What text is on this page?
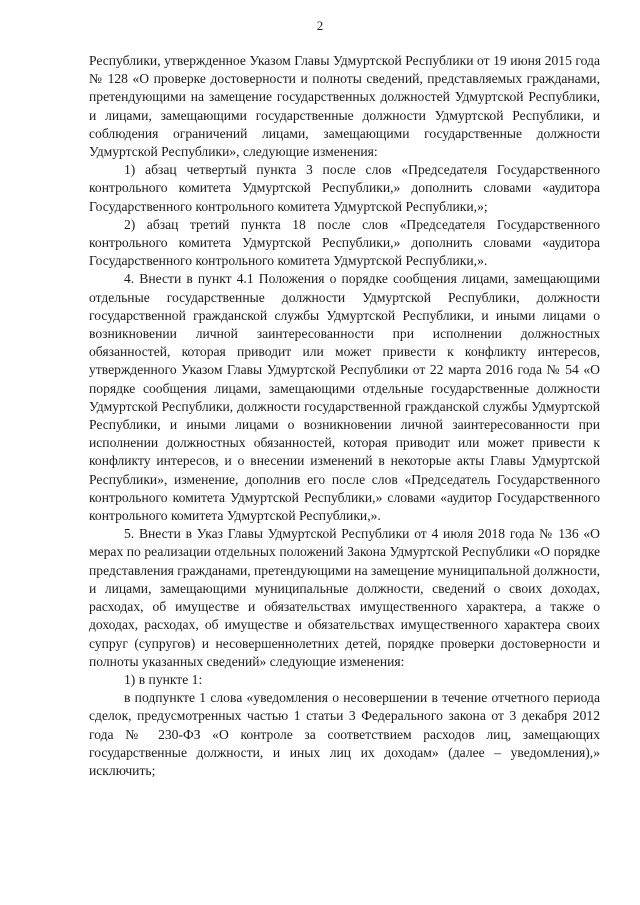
2

Республики, утвержденное Указом Главы Удмуртской Республики от 19 июня 2015 года № 128 «О проверке достоверности и полноты сведений, представляемых гражданами, претендующими на замещение государственных должностей Удмуртской Республики, и лицами, замещающими государственные должности Удмуртской Республики, и соблюдения ограничений лицами, замещающими государственные должности Удмуртской Республики», следующие изменения:

1) абзац четвертый пункта 3 после слов «Председателя Государственного контрольного комитета Удмуртской Республики,» дополнить словами «аудитора Государственного контрольного комитета Удмуртской Республики,»;

2) абзац третий пункта 18 после слов «Председателя Государственного контрольного комитета Удмуртской Республики,» дополнить словами «аудитора Государственного контрольного комитета Удмуртской Республики,».

4. Внести в пункт 4.1 Положения о порядке сообщения лицами, замещающими отдельные государственные должности Удмуртской Республики, должности государственной гражданской службы Удмуртской Республики, и иными лицами о возникновении личной заинтересованности при исполнении должностных обязанностей, которая приводит или может привести к конфликту интересов, утвержденного Указом Главы Удмуртской Республики от 22 марта 2016 года № 54 «О порядке сообщения лицами, замещающими отдельные государственные должности Удмуртской Республики, должности государственной гражданской службы Удмуртской Республики, и иными лицами о возникновении личной заинтересованности при исполнении должностных обязанностей, которая приводит или может привести к конфликту интересов, и о внесении изменений в некоторые акты Главы Удмуртской Республики», изменение, дополнив его после слов «Председатель Государственного контрольного комитета Удмуртской Республики,» словами «аудитор Государственного контрольного комитета Удмуртской Республики,».

5. Внести в Указ Главы Удмуртской Республики от 4 июля 2018 года № 136 «О мерах по реализации отдельных положений Закона Удмуртской Республики «О порядке представления гражданами, претендующими на замещение муниципальной должности, и лицами, замещающими муниципальные должности, сведений о своих доходах, расходах, об имуществе и обязательствах имущественного характера, а также о доходах, расходах, об имуществе и обязательствах имущественного характера своих супруг (супругов) и несовершеннолетних детей, порядке проверки достоверности и полноты указанных сведений» следующие изменения:

1) в пункте 1:

в подпункте 1 слова «уведомления о несовершении в течение отчетного периода сделок, предусмотренных частью 1 статьи 3 Федерального закона от 3 декабря 2012 года № 230-ФЗ «О контроле за соответствием расходов лиц, замещающих государственные должности, и иных лиц их доходам» (далее – уведомления),» исключить;
